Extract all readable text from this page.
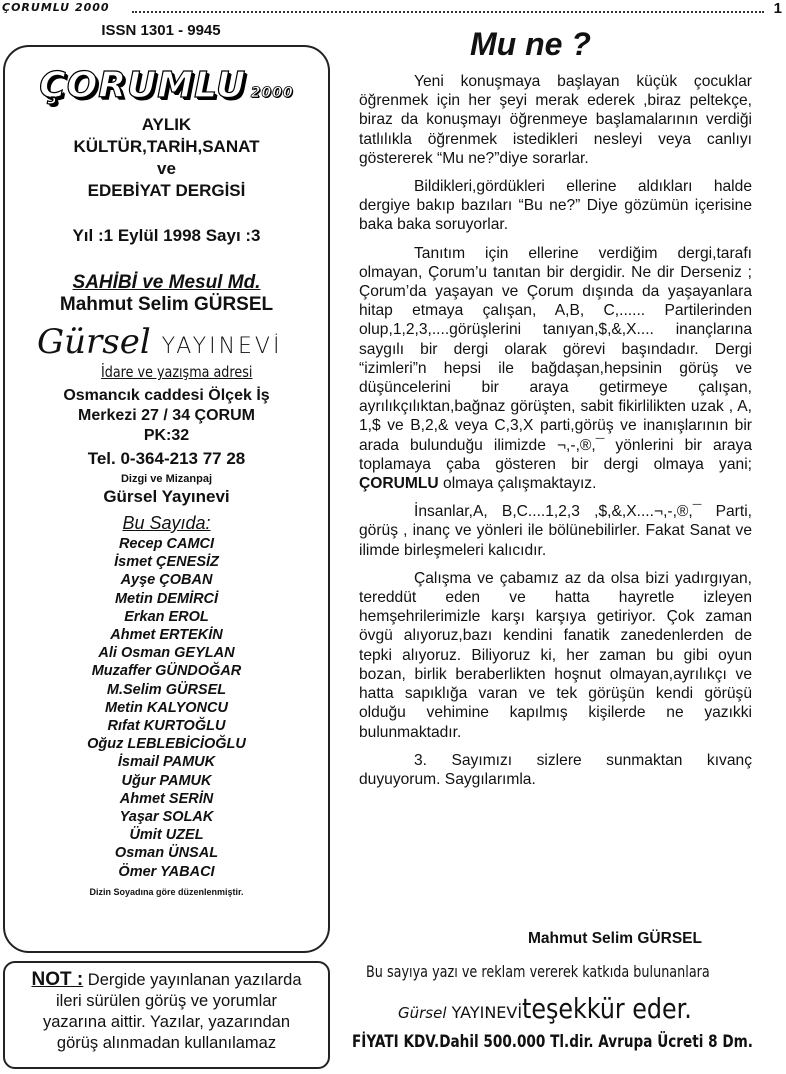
ÇORUMLU 2000	1
ISSN 1301 - 9945
ÇORUMLU 2000
AYLIK
KÜLTÜR,TARİH,SANAT
ve
EDEBİYAT DERGİSİ
Yıl :1 Eylül 1998 Sayı :3
SAHİBİ ve Mesul Md.
Mahmut Selim GÜRSEL
Gürsel YAYINEVİ
İdare ve yazışma adresi
Osmancık caddesi Ölçek İş
Merkezi 27 / 34 ÇORUM
PK:32
Tel. 0-364-213 77 28
Dizgi ve Mizanpaj
Gürsel Yayınevi
Bu Sayıda:
Recep CAMCI
İsmet ÇENESİZ
Ayşe ÇOBAN
Metin DEMİRCİ
Erkan EROL
Ahmet ERTEKİN
Ali Osman GEYLAN
Muzaffer GÜNDOĞAR
M.Selim GÜRSEL
Metin KALYONCU
Rıfat KURTOĞLU
Oğuz LEBLEBİCİOĞLU
İsmail PAMUK
Uğur PAMUK
Ahmet SERİN
Yaşar SOLAK
Ümit UZEL
Osman ÜNSAL
Ömer YABACI
Dizin Soyadına göre düzenlenmiştir.
NOT : Dergide yayınlanan yazılarda
ileri sürülen görüş ve yorumlar
yazarına aittir. Yazılar, yazarından
görüş alınmadan kullanılamaz
Mu ne ?

Yeni konuşmaya başlayan küçük çocuklar öğrenmek için her şeyi merak ederek ,biraz peltekçe, biraz da konuşmayı öğrenmeye başlamalarının verdiği tatlılıkla öğrenmek istedikleri nesleyi veya canlıyı göstererek “Mu ne?”diye sorarlar.

Bildikleri,gördükleri ellerine aldıkları halde dergiye bakıp bazıları “Bu ne?” Diye gözümün içerisine baka baka soruyorlar.

Tanıtım için ellerine verdiğim dergi,tarafı olmayan, Çorum’u tanıtan bir dergidir. Ne dir Derseniz ; Çorum’da yaşayan ve Çorum dışında da yaşayanlara hitap etmaya çalışan, A,B, C,...... Partilerinden olup,1,2,3,....görüşlerini tanıyan,$,&,X.... inançlarına saygılı bir dergi olarak görevi başındadır. Dergi “izimleri”n hepsi ile bağdaşan,hepsinin görüş ve düşüncelerini bir araya getirmeye çalışan, ayrılıkçılıktan,bağnaz görüşten, sabit fikirlilikten uzak , A, 1,$ ve B,2,& veya C,3,X parti,görüş ve inanışlarının bir arada bulunduğu ilimizde ¬,-,®,¯ yönlerini bir araya toplamaya çaba gösteren bir dergi olmaya yani; ÇORUMLU olmaya çalışmaktayız.

İnsanlar,A, B,C....1,2,3 ,$,&,X....¬,-,®,¯ Parti, görüş , inanç ve yönleri ile bölünebilirler. Fakat Sanat ve ilimde birleşmeleri kalıcıdır.

Çalışma ve çabamız az da olsa bizi yadırgıyan, tereddüt eden ve hatta hayretle izleyen hemşehrilerimizle karşı karşıya getiriyor. Çok zaman övgü alıyoruz,bazı kendini fanatik zanedenlerden de tepki alıyoruz. Biliyoruz ki, her zaman bu gibi oyun bozan, birlik beraberlikten hoşnut olmayan,ayrılıkçı ve hatta sapıklığa varan ve tek görüşün kendi görüşü olduğu vehimine kapılmış kişilerde ne yazıkki bulunmaktadır.

3. Sayımızı sizlere sunmaktan kıvanç duyuyorum. Saygılarımla.

Mahmut Selim GÜRSEL
Bu sayıya yazı ve reklam vererek katkıda bulunanlara
Gürsel YAYINEVİteşekkür eder.
FİYATI KDV.Dahil 500.000 Tl.dir. Avrupa Ücreti 8 Dm.
